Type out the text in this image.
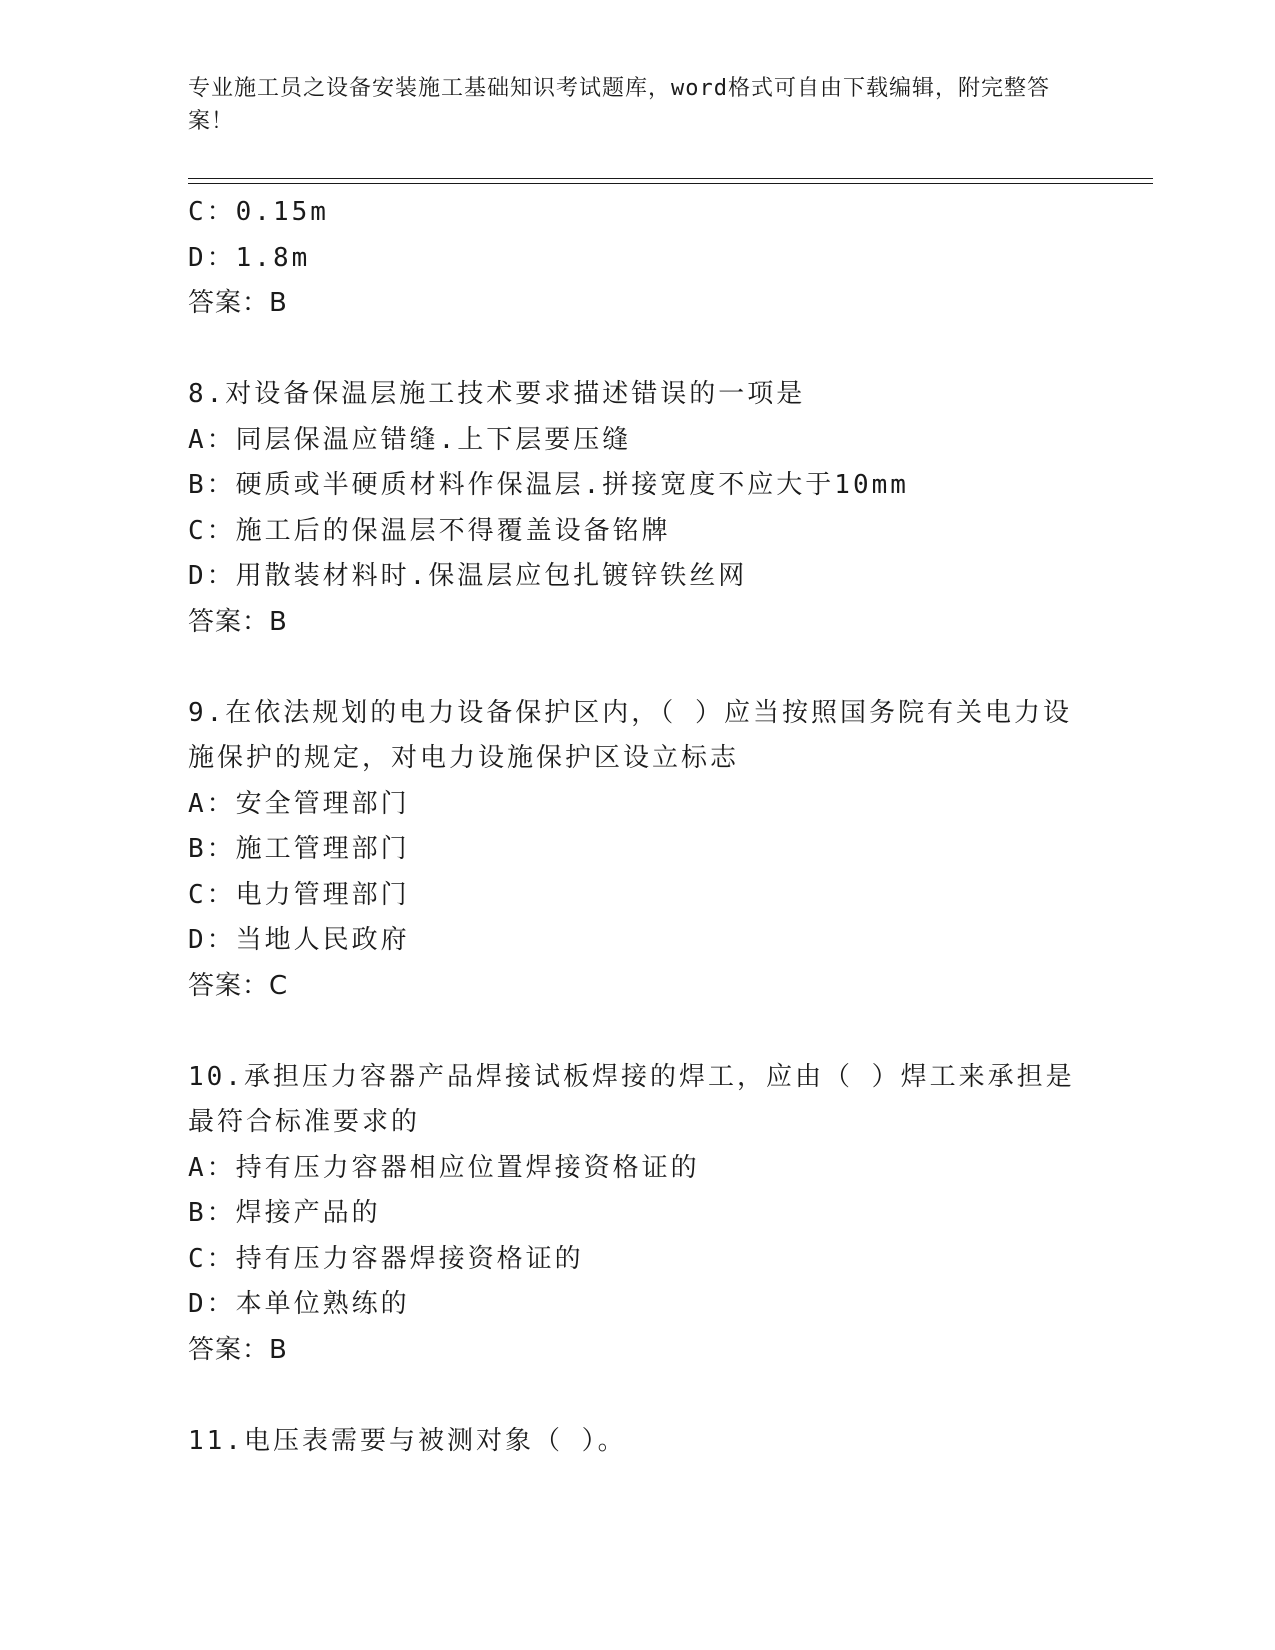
专业施工员之设备安装施工基础知识考试题库，word格式可自由下载编辑，附完整答案！
C：0.15m
D：1.8m
答案：B
8.对设备保温层施工技术要求描述错误的一项是
A：同层保温应错缝.上下层要压缝
B：硬质或半硬质材料作保温层.拼接宽度不应大于10mm
C：施工后的保温层不得覆盖设备铭牌
D：用散装材料时.保温层应包扎镀锌铁丝网
答案：B
9.在依法规划的电力设备保护区内，（ ）应当按照国务院有关电力设
施保护的规定，对电力设施保护区设立标志
A：安全管理部门
B：施工管理部门
C：电力管理部门
D：当地人民政府
答案：C
10.承担压力容器产品焊接试板焊接的焊工，应由（ ）焊工来承担是
最符合标准要求的
A：持有压力容器相应位置焊接资格证的
B：焊接产品的
C：持有压力容器焊接资格证的
D：本单位熟练的
答案：B
11.电压表需要与被测对象（ ）。
